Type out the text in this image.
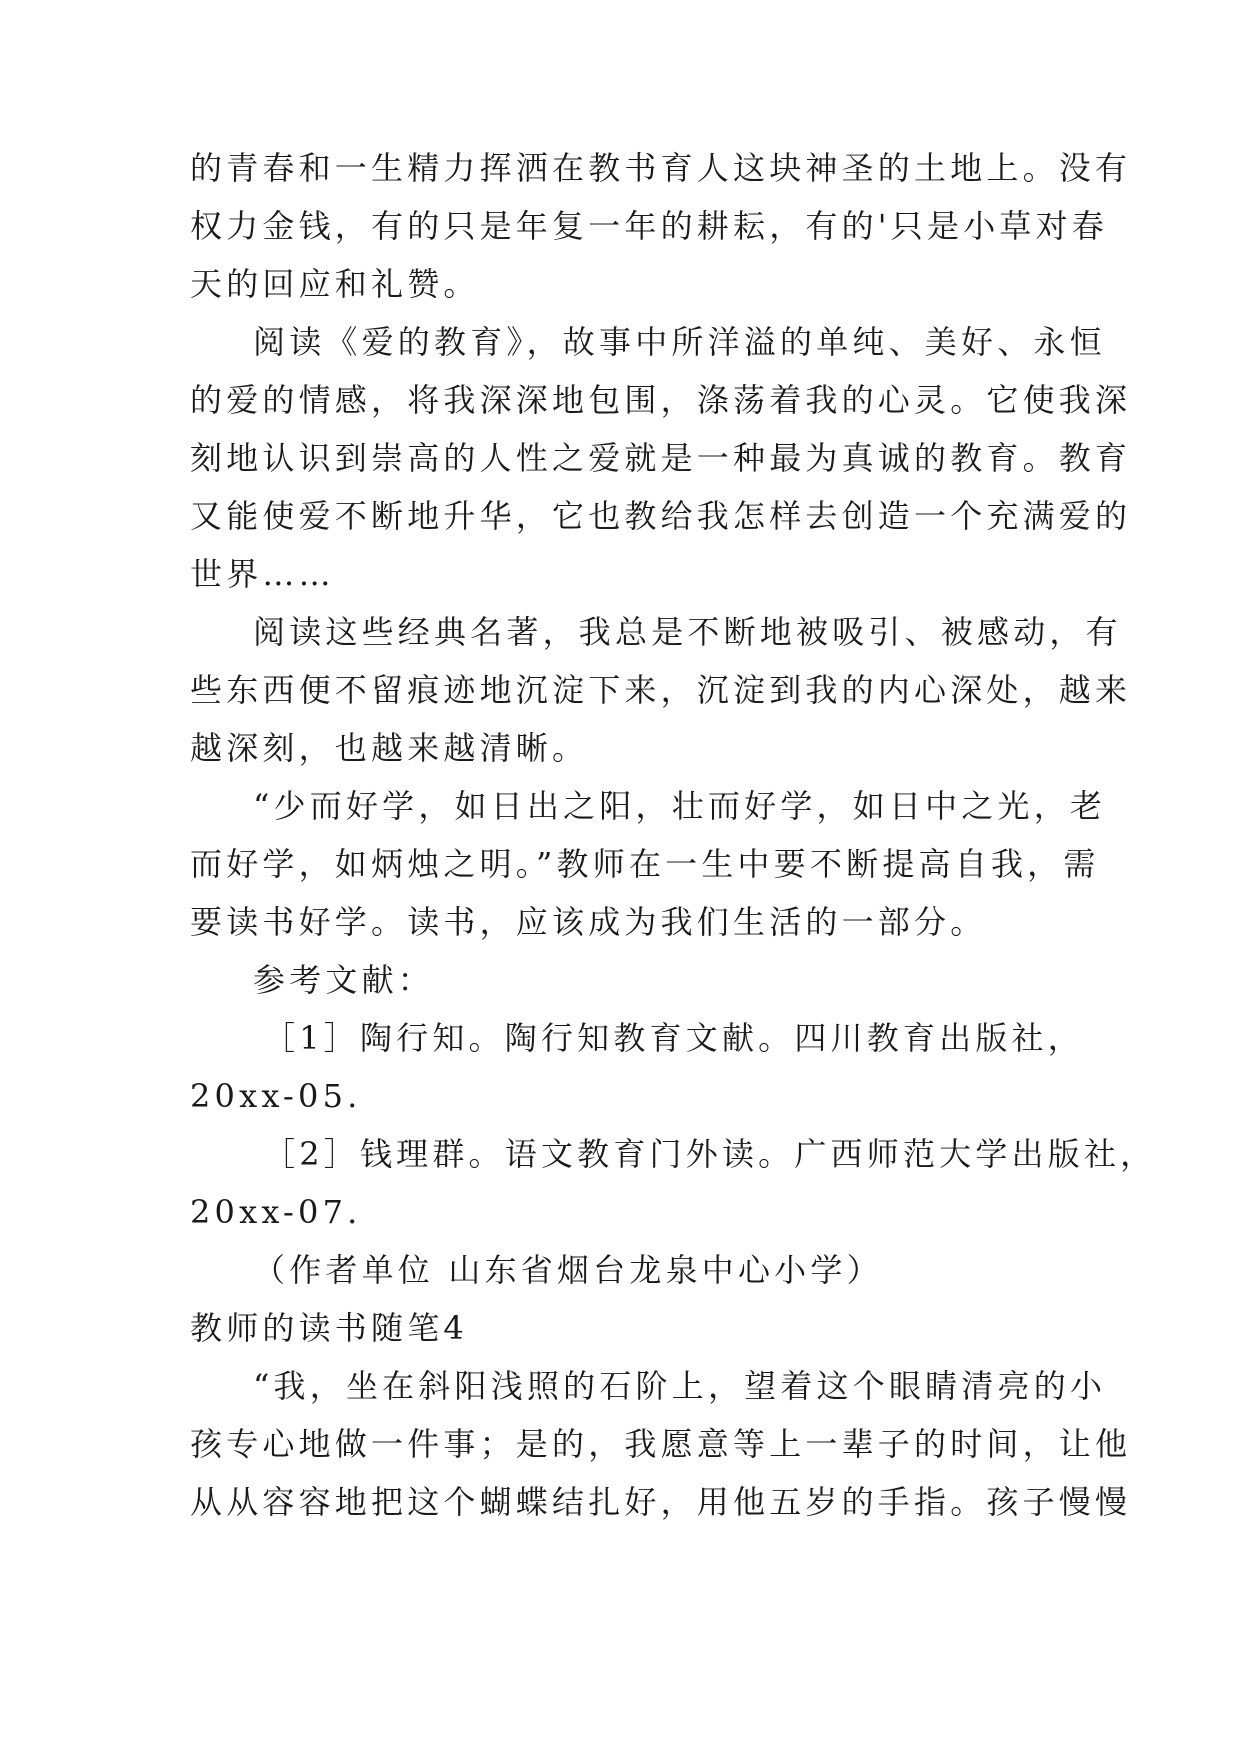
的青春和一生精力挥洒在教书育人这块神圣的土地上。没有
权力金钱，有的只是年复一年的耕耘，有的'只是小草对春
天的回应和礼赞。
阅读《爱的教育》，故事中所洋溢的单纯、美好、永恒
的爱的情感，将我深深地包围，涤荡着我的心灵。它使我深
刻地认识到崇高的人性之爱就是一种最为真诚的教育。教育
又能使爱不断地升华，它也教给我怎样去创造一个充满爱的
世界……
阅读这些经典名著，我总是不断地被吸引、被感动，有
些东西便不留痕迹地沉淀下来，沉淀到我的内心深处，越来
越深刻，也越来越清晰。
“少而好学，如日出之阳，壮而好学，如日中之光，老
而好学，如炳烛之明。”教师在一生中要不断提高自我，需
要读书好学。读书，应该成为我们生活的一部分。
参考文献：
［1］陶行知。陶行知教育文献。四川教育出版社，
20xx-05.
［2］钱理群。语文教育门外读。广西师范大学出版社，
20xx-07.
（作者单位 山东省烟台龙泉中心小学）
教师的读书随笔4
“我，坐在斜阳浅照的石阶上，望着这个眼睛清亮的小
孩专心地做一件事；是的，我愿意等上一辈子的时间，让他
从从容容地把这个蝴蝶结扎好，用他五岁的手指。孩子慢慢
